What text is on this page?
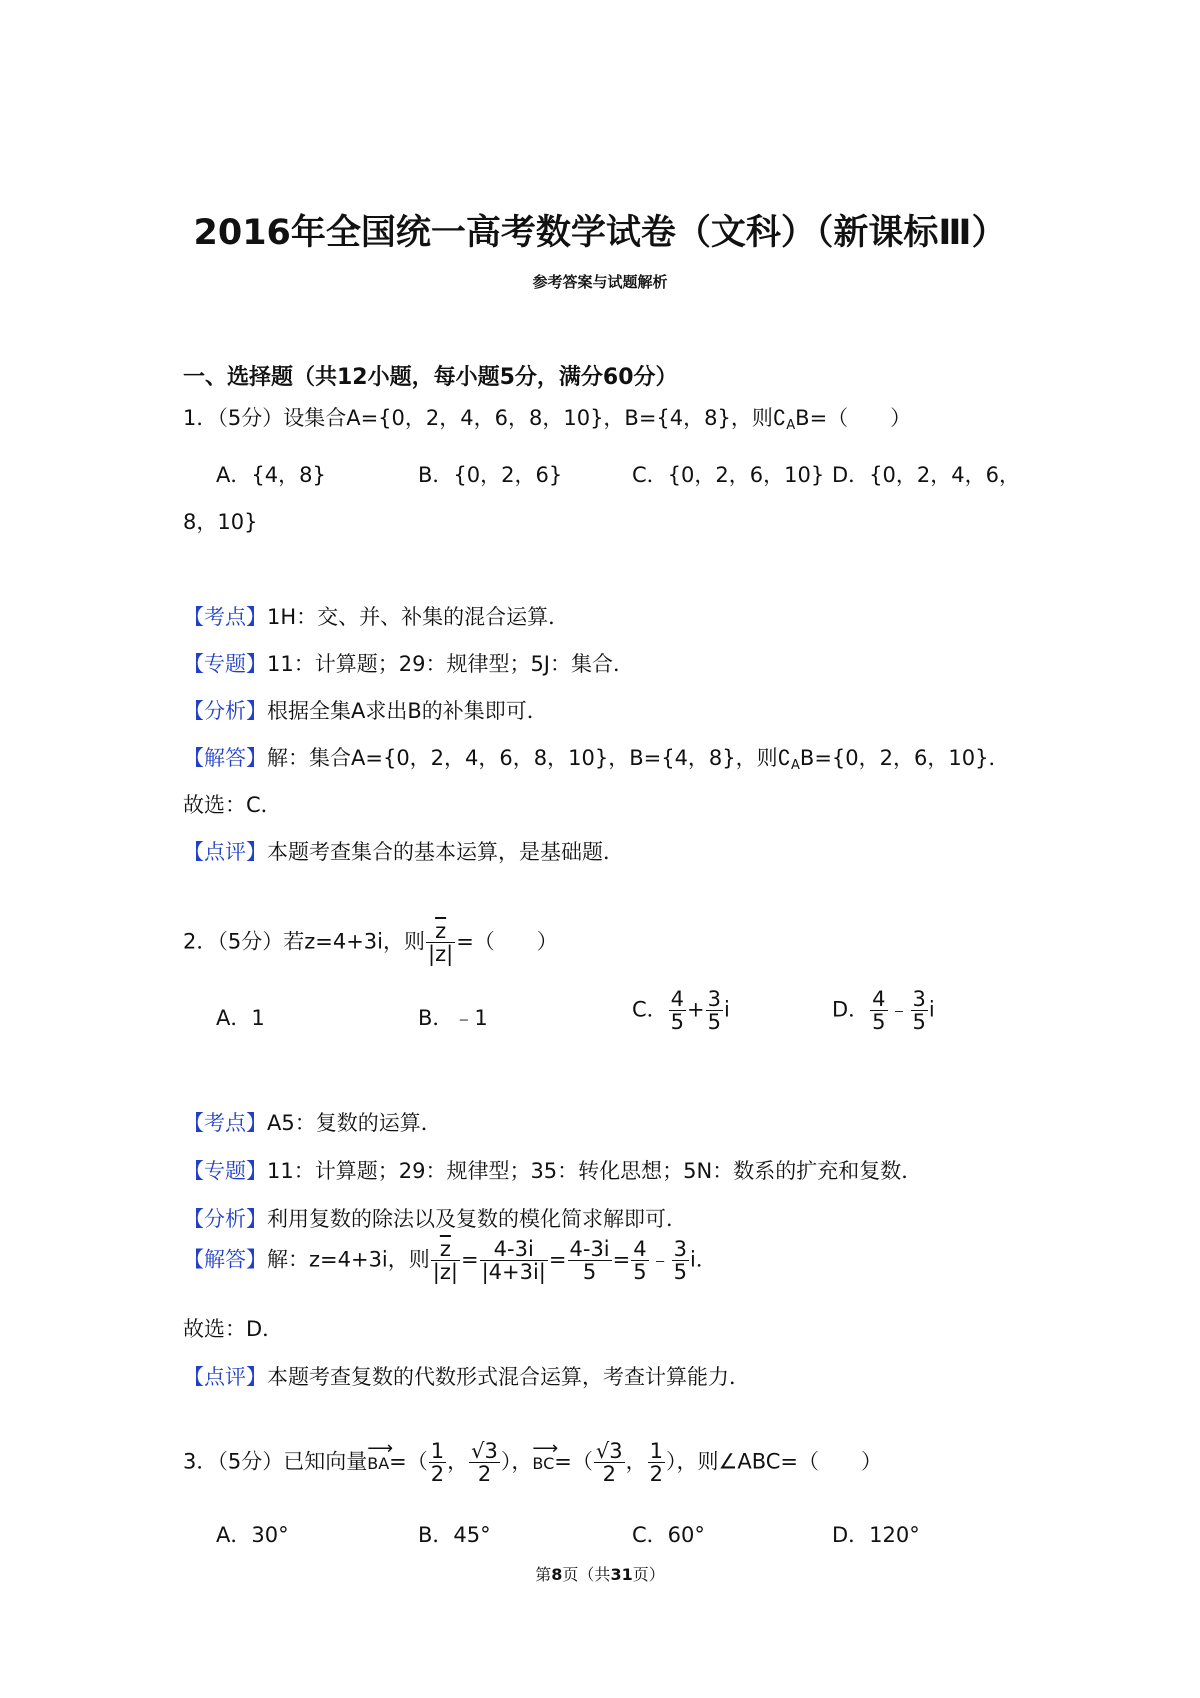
2016年全国统一高考数学试卷（文科）（新课标Ⅲ）
参考答案与试题解析
一、选择题（共12小题，每小题5分，满分60分）
1．（5分）设集合A={0，2，4，6，8，10}，B={4，8}，则$∁_AB=$（　　）
A．{4，8}	B．{0，2，6}	C．{0，2，6，10} D．{0，2，4，6，
8，10}
【考点】1H：交、并、补集的混合运算．
【专题】11：计算题；29：规律型；5J：集合．
【分析】根据全集A求出B的补集即可．
【解答】解：集合A={0，2，4，6，8，10}，B={4，8}，则$∁_AB=\{0$，2，6，10}．
故选：C．
【点评】本题考查集合的基本运算，是基础题．
2．（5分）若z=4+3i，则 $\frac{\overline{z}}{|z|}$ =（　　）
A．1	B．﹣1	C． $\frac{4}{5} + \frac{3}{5}$ i	D． $\frac{4}{5}$ ﹣ $\frac{3}{5}$ i
【考点】A5：复数的运算．
【专题】11：计算题；29：规律型；35：转化思想；5N：数系的扩充和复数．
【分析】利用复数的除法以及复数的模化简求解即可．
【解答】解：z=4+3i，则 $\frac{\overline{z}}{|z|} = \frac{4-3i}{|4+3i|} = \frac{4-3i}{5} = \frac{4}{5}$ ﹣ $\frac{3}{5}$ i．
故选：D．
【点评】本题考查复数的代数形式混合运算，考查计算能力．
3．（5分）已知向量⟶ $BA=( \frac{1}{2}$ ， $\frac{√3}{2}$ ），⟶ $BC=( \frac{√3}{2}$ ， $\frac{1}{2}$ ），则∠ABC=（　　）
A．30°	B．45°	C．60°	D．120°
第8页（共31页）
